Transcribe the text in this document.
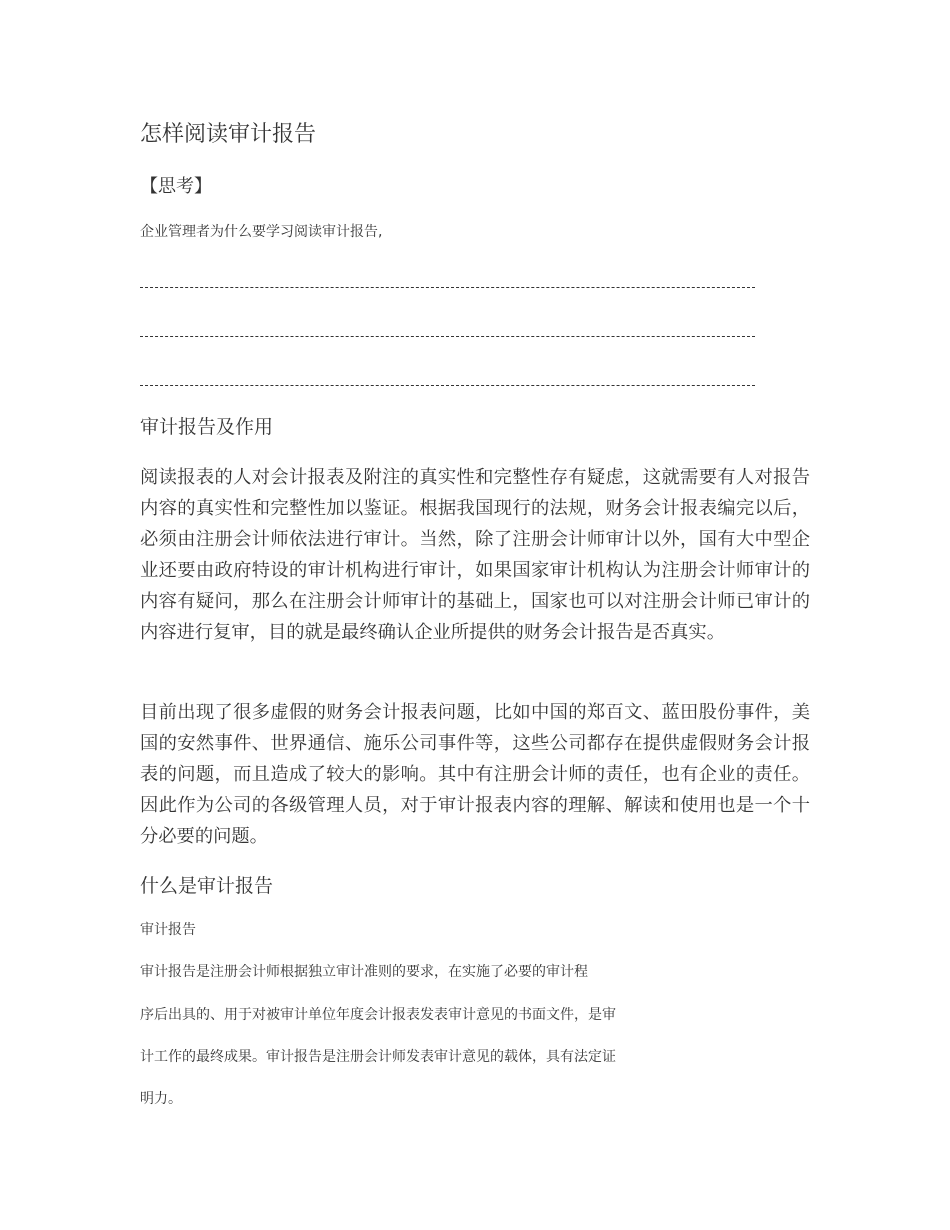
怎样阅读审计报告
【思考】
企业管理者为什么要学习阅读审计报告,
审计报告及作用

阅读报表的人对会计报表及附注的真实性和完整性存有疑虑，这就需要有人对报告内容的真实性和完整性加以鉴证。根据我国现行的法规，财务会计报表编完以后，必须由注册会计师依法进行审计。当然，除了注册会计师审计以外，国有大中型企业还要由政府特设的审计机构进行审计，如果国家审计机构认为注册会计师审计的内容有疑问，那么在注册会计师审计的基础上，国家也可以对注册会计师已审计的内容进行复审，目的就是最终确认企业所提供的财务会计报告是否真实。

目前出现了很多虚假的财务会计报表问题，比如中国的郑百文、蓝田股份事件，美国的安然事件、世界通信、施乐公司事件等，这些公司都存在提供虚假财务会计报表的问题，而且造成了较大的影响。其中有注册会计师的责任，也有企业的责任。因此作为公司的各级管理人员，对于审计报表内容的理解、解读和使用也是一个十分必要的问题。

什么是审计报告
审计报告
审计报告是注册会计师根据独立审计准则的要求，在实施了必要的审计程
序后出具的、用于对被审计单位年度会计报表发表审计意见的书面文件，是审
计工作的最终成果。审计报告是注册会计师发表审计意见的载体，具有法定证
明力。
